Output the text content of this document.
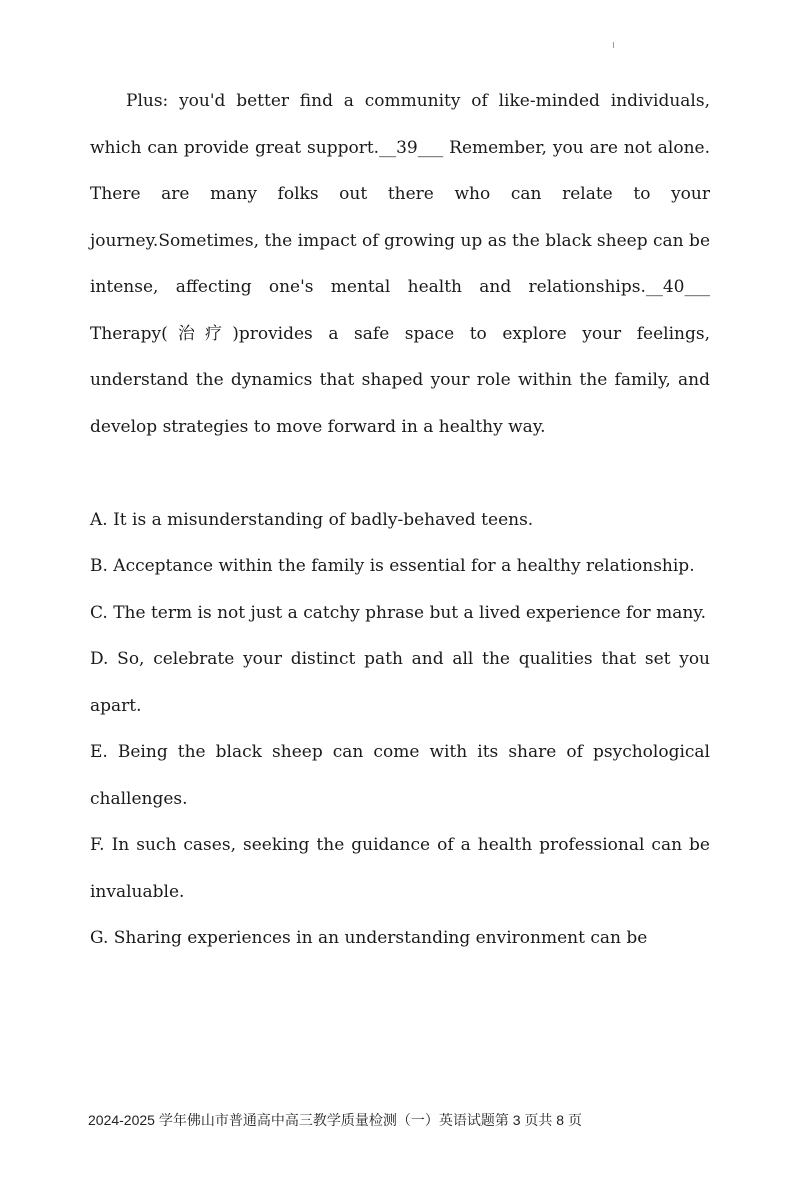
Plus: you'd better find a community of like-minded individuals, which can provide great support.__39___ Remember, you are not alone. There are many folks out there who can relate to your journey.Sometimes, the impact of growing up as the black sheep can be intense, affecting one's mental health and relationships.__40___ Therapy(治疗)provides a safe space to explore your feelings, understand the dynamics that shaped your role within the family, and develop strategies to move forward in a healthy way.

A. It is a misunderstanding of badly-behaved teens.

B. Acceptance within the family is essential for a healthy relationship.

C. The term is not just a catchy phrase but a lived experience for many.

D. So, celebrate your distinct path and all the qualities that set you apart.

E. Being the black sheep can come with its share of psychological challenges.

F. In such cases, seeking the guidance of a health professional can be invaluable.

G. Sharing experiences in an understanding environment can be

2024-2025 学年佛山市普通高中高三教学质量检测（一）英语试题第 3 页共 8 页
